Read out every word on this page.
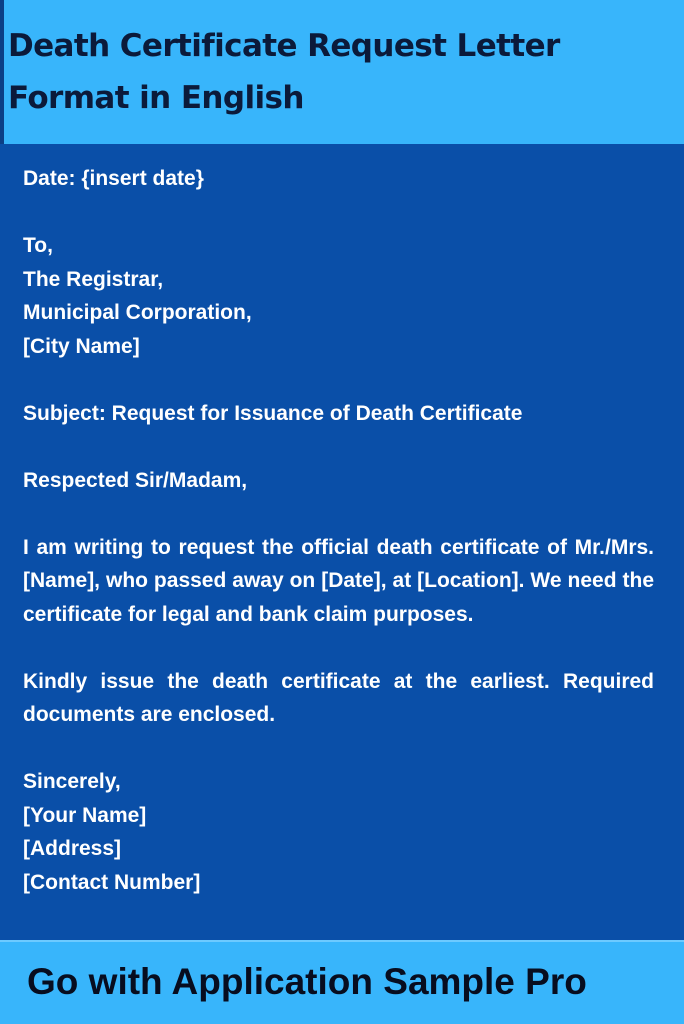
Death Certificate Request Letter Format in English
Date: {insert date}
To,
The Registrar,
Municipal Corporation,
[City Name]
Subject: Request for Issuance of Death Certificate
Respected Sir/Madam,
I am writing to request the official death certificate of Mr./Mrs. [Name], who passed away on [Date], at [Location]. We need the certificate for legal and bank claim purposes.
Kindly issue the death certificate at the earliest. Required documents are enclosed.
Sincerely,
[Your Name]
[Address]
[Contact Number]
Go with Application Sample Pro
